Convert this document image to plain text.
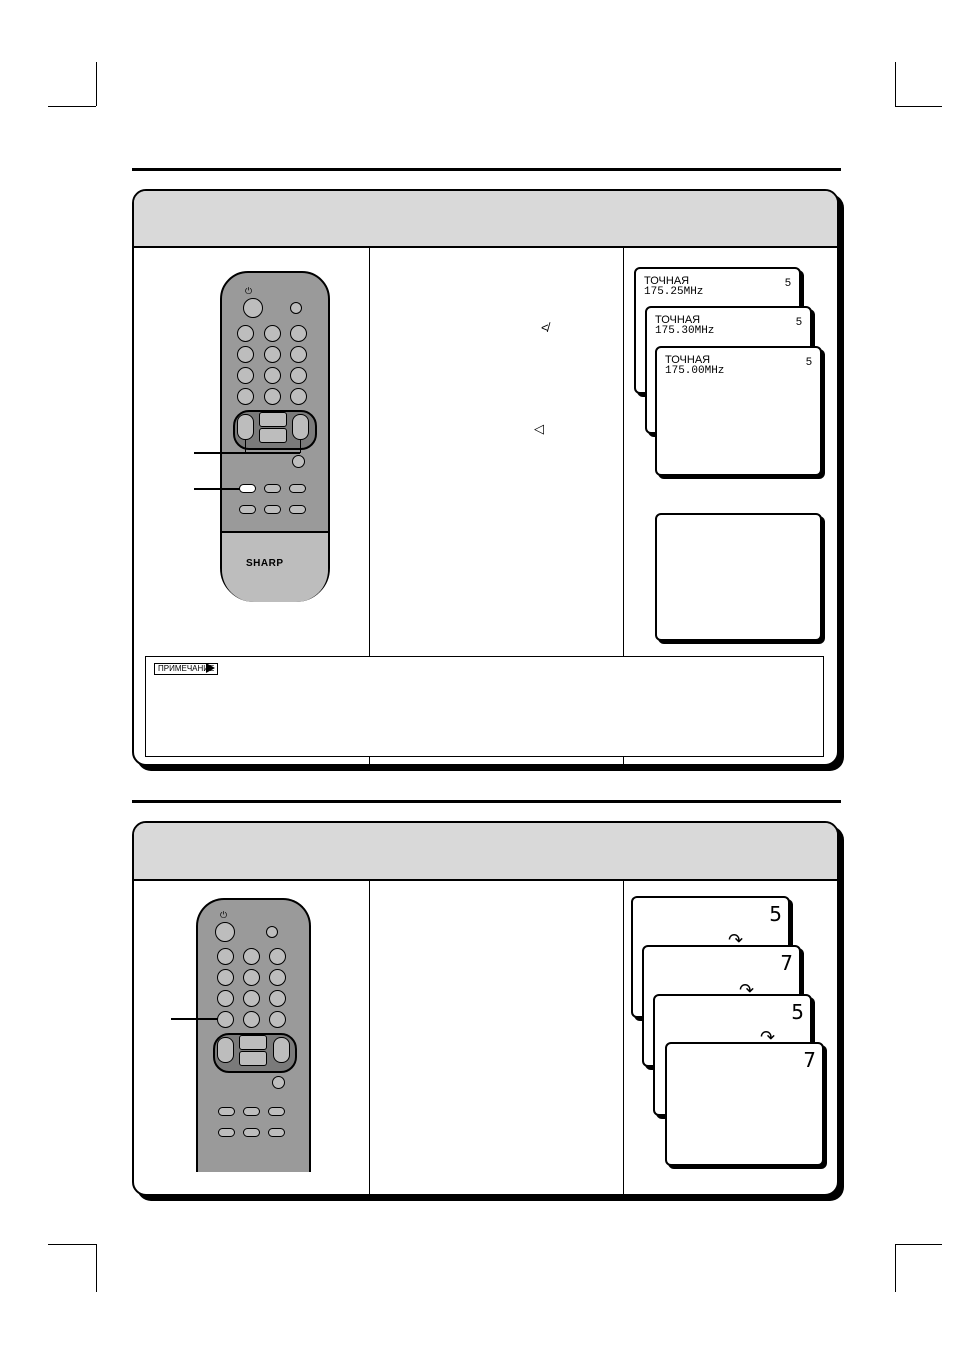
SHARP
⏻
≮
◁
ТОЧНАЯ
175.25MHz
5
ТОЧНАЯ
175.30MHz
5
ТОЧНАЯ
175.00MHz
5
ПРИМЕЧАНИЕ
⏻	5
7
5
7
↷
↷
↷
